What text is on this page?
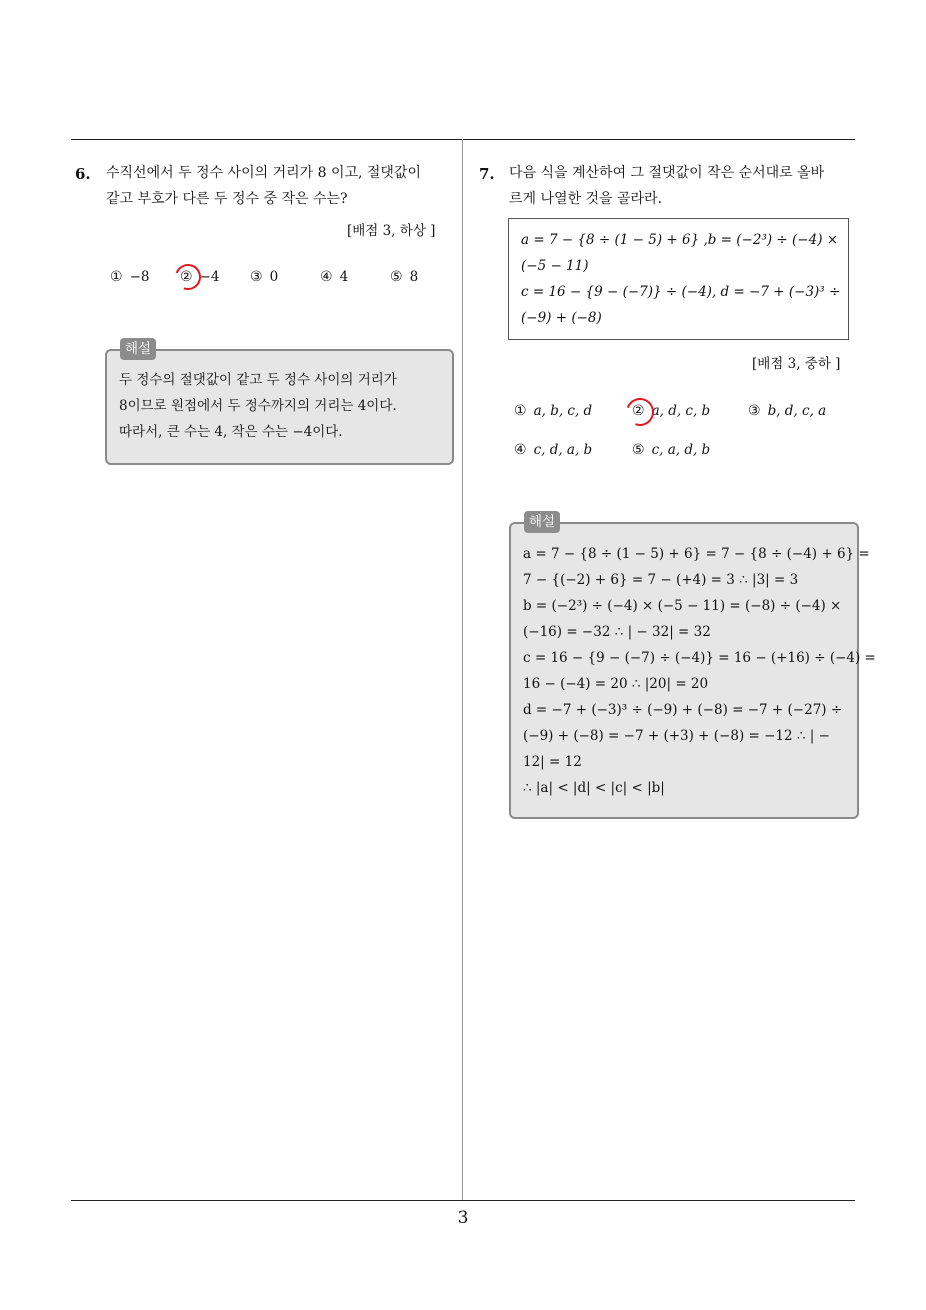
6. 수직선에서 두 정수 사이의 거리가 8 이고, 절댓값이
같고 부호가 다른 두 정수 중 작은 수는?
[배점 3, 하상 ]
① −8 ② −4 ③ 0	④ 4	⑤ 8
두 정수의 절댓값이 같고 두 정수 사이의 거리가
8이므로 원점에서 두 정수까지의 거리는 4이다.
따라서, 큰 수는 4, 작은 수는 −4이다.
해설
7. 다음 식을 계산하여 그 절댓값이 작은 순서대로 올바
르게 나열한 것을 골라라.
a = 7 − {8 ÷ (1 − 5) + 6} ,b = (−2³) ÷ (−4) ×
(−5 − 11)
c = 16 − {9 − (−7)} ÷ (−4), d = −7 + (−3)³ ÷
(−9) + (−8)
[배점 3, 중하 ]
① a, b, c, d	② a, d, c, b	③ b, d, c, a
④ c, d, a, b	⑤ c, a, d, b
a = 7 − {8 ÷ (1 − 5) + 6} = 7 − {8 ÷ (−4) + 6} =
7 − {(−2) + 6} = 7 − (+4) = 3 ∴ |3| = 3
b = (−2³) ÷ (−4) × (−5 − 11) = (−8) ÷ (−4) ×
(−16) = −32 ∴ | − 32| = 32
c = 16 − {9 − (−7) ÷ (−4)} = 16 − (+16) ÷ (−4) =
16 − (−4) = 20 ∴ |20| = 20
d = −7 + (−3)³ ÷ (−9) + (−8) = −7 + (−27) ÷
(−9) + (−8) = −7 + (+3) + (−8) = −12 ∴ | −
12| = 12
∴ |a| < |d| < |c| < |b|
해설
3
